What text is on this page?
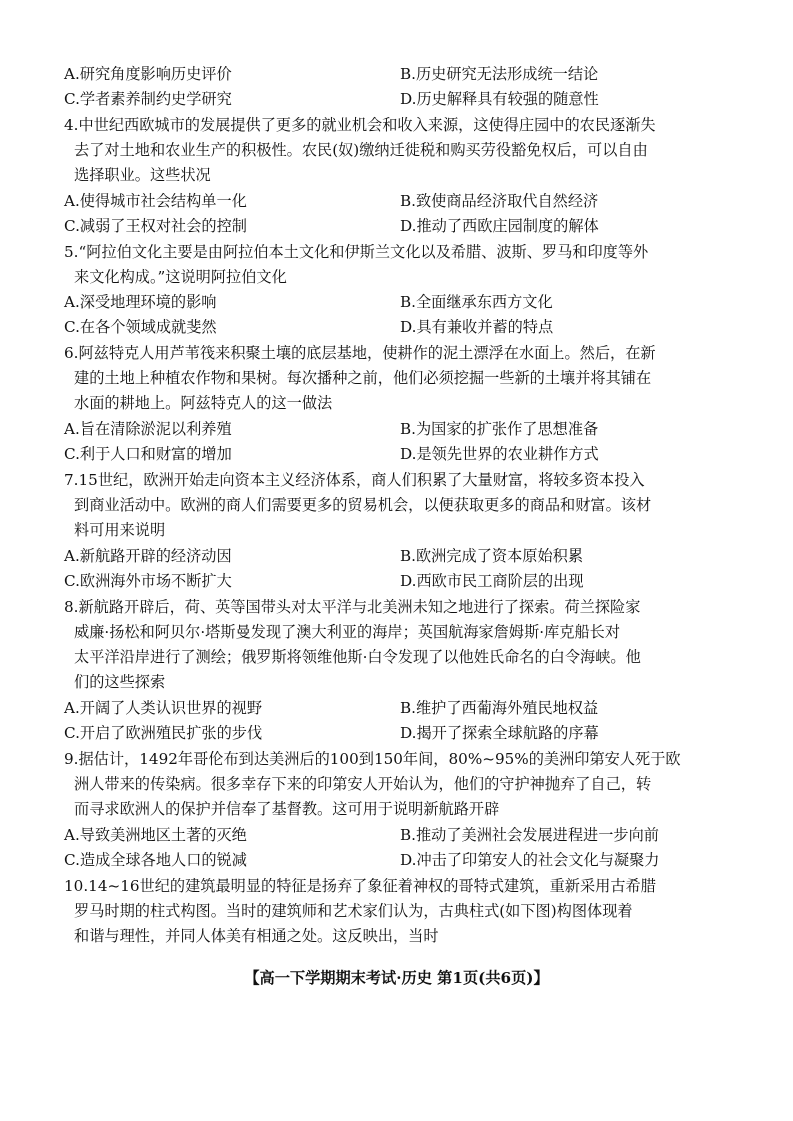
A.研究角度影响历史评价	B.历史研究无法形成统一结论
C.学者素养制约史学研究	D.历史解释具有较强的随意性
4.中世纪西欧城市的发展提供了更多的就业机会和收入来源，这使得庄园中的农民逐渐失
去了对土地和农业生产的积极性。农民(奴)缴纳迁徙税和购买劳役豁免权后，可以自由
选择职业。这些状况
A.使得城市社会结构单一化	B.致使商品经济取代自然经济
C.减弱了王权对社会的控制	D.推动了西欧庄园制度的解体
5.“阿拉伯文化主要是由阿拉伯本土文化和伊斯兰文化以及希腊、波斯、罗马和印度等外
来文化构成。”这说明阿拉伯文化
A.深受地理环境的影响	B.全面继承东西方文化
C.在各个领域成就斐然	D.具有兼收并蓄的特点
6.阿兹特克人用芦苇筏来积聚土壤的底层基地，使耕作的泥土漂浮在水面上。然后，在新
建的土地上种植农作物和果树。每次播种之前，他们必须挖掘一些新的土壤并将其铺在
水面的耕地上。阿兹特克人的这一做法
A.旨在清除淤泥以利养殖	B.为国家的扩张作了思想准备
C.利于人口和财富的增加	D.是领先世界的农业耕作方式
7.15世纪，欧洲开始走向资本主义经济体系，商人们积累了大量财富，将较多资本投入
到商业活动中。欧洲的商人们需要更多的贸易机会，以便获取更多的商品和财富。该材
料可用来说明
A.新航路开辟的经济动因	B.欧洲完成了资本原始积累
C.欧洲海外市场不断扩大	D.西欧市民工商阶层的出现
8.新航路开辟后，荷、英等国带头对太平洋与北美洲未知之地进行了探索。荷兰探险家
威廉·扬松和阿贝尔·塔斯曼发现了澳大利亚的海岸；英国航海家詹姆斯·库克船长对
太平洋沿岸进行了测绘；俄罗斯将领维他斯·白令发现了以他姓氏命名的白令海峡。他
们的这些探索
A.开阔了人类认识世界的视野	B.维护了西葡海外殖民地权益
C.开启了欧洲殖民扩张的步伐	D.揭开了探索全球航路的序幕
9.据估计，1492年哥伦布到达美洲后的100到150年间，80%~95%的美洲印第安人死于欧
洲人带来的传染病。很多幸存下来的印第安人开始认为，他们的守护神抛弃了自己，转
而寻求欧洲人的保护并信奉了基督教。这可用于说明新航路开辟
A.导致美洲地区土著的灭绝	B.推动了美洲社会发展进程进一步向前
C.造成全球各地人口的锐减	D.冲击了印第安人的社会文化与凝聚力
10.14~16世纪的建筑最明显的特征是扬弃了象征着神权的哥特式建筑，重新采用古希腊
罗马时期的柱式构图。当时的建筑师和艺术家们认为，古典柱式(如下图)构图体现着
和谐与理性，并同人体美有相通之处。这反映出，当时
【高一下学期期末考试·历史 第1页(共6页)】
